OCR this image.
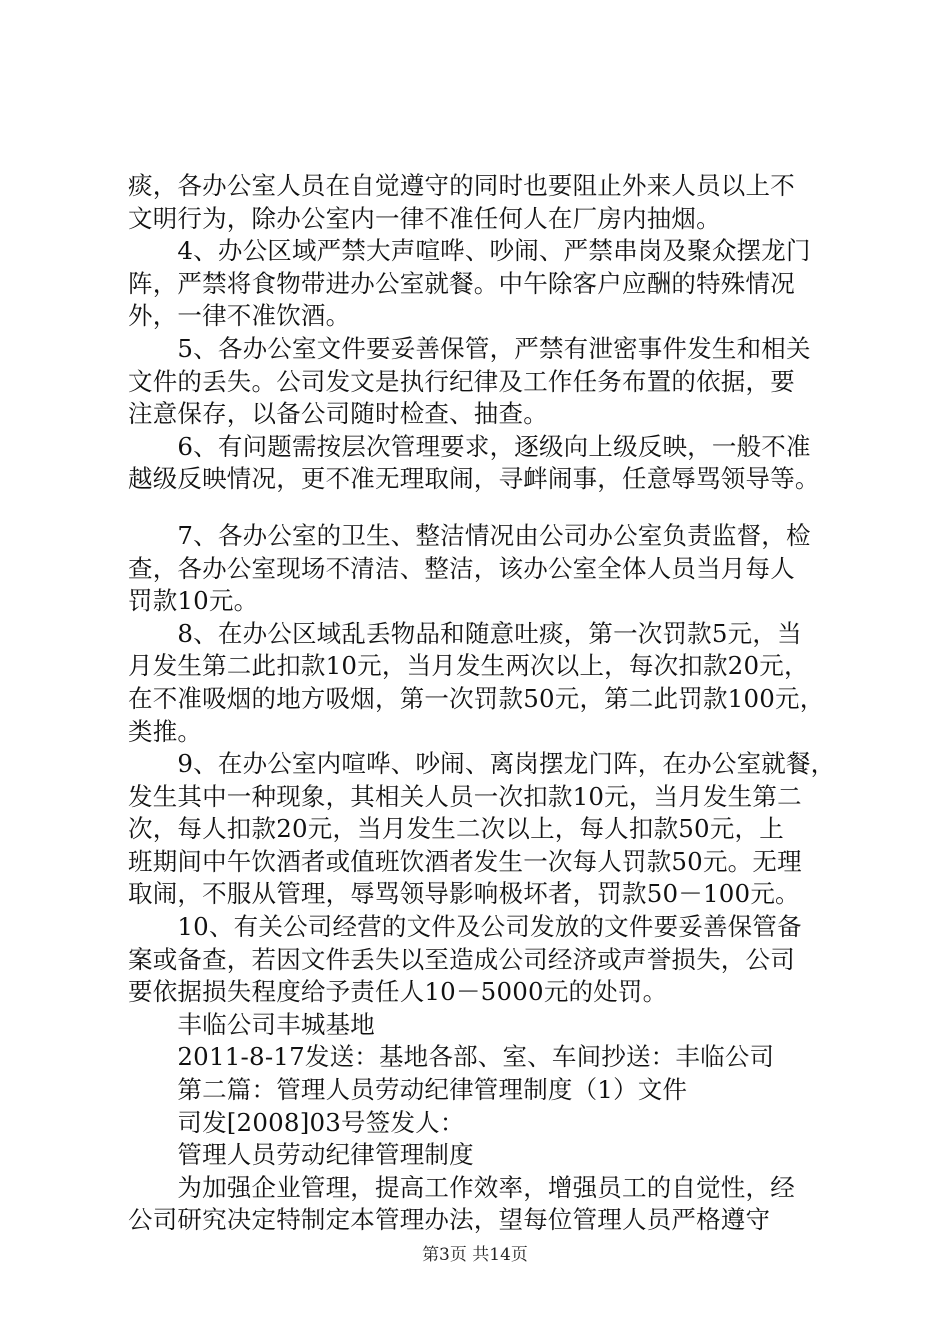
痰，各办公室人员在自觉遵守的同时也要阻止外来人员以上不
文明行为，除办公室内一律不准任何人在厂房内抽烟。
　　4、办公区域严禁大声喧哗、吵闹、严禁串岗及聚众摆龙门
阵，严禁将食物带进办公室就餐。中午除客户应酬的特殊情况
外，一律不准饮酒。
　　5、各办公室文件要妥善保管，严禁有泄密事件发生和相关
文件的丢失。公司发文是执行纪律及工作任务布置的依据，要
注意保存，以备公司随时检查、抽查。
　　6、有问题需按层次管理要求，逐级向上级反映，一般不准
越级反映情况，更不准无理取闹，寻衅闹事，任意辱骂领导等。
　　7、各办公室的卫生、整洁情况由公司办公室负责监督，检
查，各办公室现场不清洁、整洁，该办公室全体人员当月每人
罚款10元。
　　8、在办公区域乱丢物品和随意吐痰，第一次罚款5元，当
月发生第二此扣款10元，当月发生两次以上，每次扣款20元，
在不准吸烟的地方吸烟，第一次罚款50元，第二此罚款100元，
类推。
　　9、在办公室内喧哗、吵闹、离岗摆龙门阵，在办公室就餐，
发生其中一种现象，其相关人员一次扣款10元，当月发生第二
次，每人扣款20元，当月发生二次以上，每人扣款50元，上
班期间中午饮酒者或值班饮酒者发生一次每人罚款50元。无理
取闹，不服从管理，辱骂领导影响极坏者，罚款50－100元。
　　10、有关公司经营的文件及公司发放的文件要妥善保管备
案或备查，若因文件丢失以至造成公司经济或声誉损失，公司
要依据损失程度给予责任人10－5000元的处罚。
　　丰临公司丰城基地
　　2011-8-17发送：基地各部、室、车间抄送：丰临公司
　　第二篇：管理人员劳动纪律管理制度（1）文件
　　司发[2008]03号签发人：
　　管理人员劳动纪律管理制度
　　为加强企业管理，提高工作效率，增强员工的自觉性，经
公司研究决定特制定本管理办法，望每位管理人员严格遵守
第3页 共14页
